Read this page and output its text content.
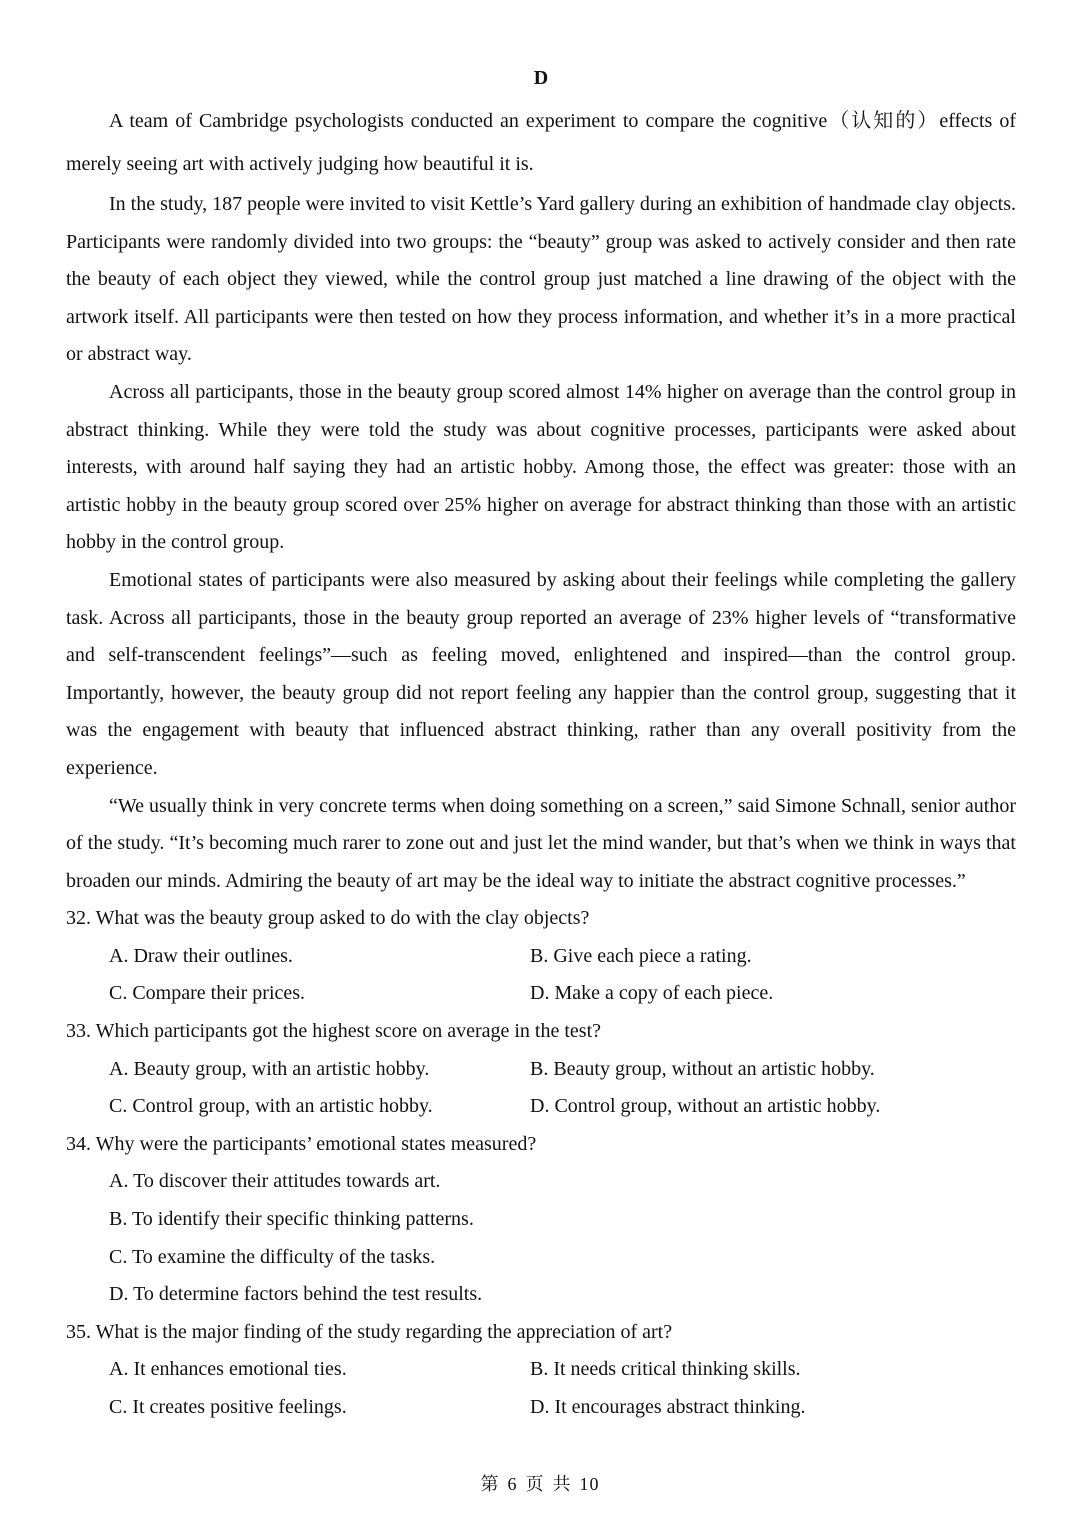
D

A team of Cambridge psychologists conducted an experiment to compare the cognitive（认知的）effects of merely seeing art with actively judging how beautiful it is.

In the study, 187 people were invited to visit Kettle’s Yard gallery during an exhibition of handmade clay objects. Participants were randomly divided into two groups: the “beauty” group was asked to actively consider and then rate the beauty of each object they viewed, while the control group just matched a line drawing of the object with the artwork itself. All participants were then tested on how they process information, and whether it’s in a more practical or abstract way.

Across all participants, those in the beauty group scored almost 14% higher on average than the control group in abstract thinking. While they were told the study was about cognitive processes, participants were asked about interests, with around half saying they had an artistic hobby. Among those, the effect was greater: those with an artistic hobby in the beauty group scored over 25% higher on average for abstract thinking than those with an artistic hobby in the control group.

Emotional states of participants were also measured by asking about their feelings while completing the gallery task. Across all participants, those in the beauty group reported an average of 23% higher levels of “transformative and self-transcendent feelings”—such as feeling moved, enlightened and inspired—than the control group. Importantly, however, the beauty group did not report feeling any happier than the control group, suggesting that it was the engagement with beauty that influenced abstract thinking, rather than any overall positivity from the experience.

“We usually think in very concrete terms when doing something on a screen,” said Simone Schnall, senior author of the study. “It’s becoming much rarer to zone out and just let the mind wander, but that’s when we think in ways that broaden our minds. Admiring the beauty of art may be the ideal way to initiate the abstract cognitive processes.”

32. What was the beauty group asked to do with the clay objects?

A. Draw their outlines.	B. Give each piece a rating.
C. Compare their prices.	D. Make a copy of each piece.

33. Which participants got the highest score on average in the test?

A. Beauty group, with an artistic hobby.	B. Beauty group, without an artistic hobby.
C. Control group, with an artistic hobby.	D. Control group, without an artistic hobby.

34. Why were the participants’ emotional states measured?

A. To discover their attitudes towards art.
B. To identify their specific thinking patterns.
C. To examine the difficulty of the tasks.
D. To determine factors behind the test results.

35. What is the major finding of the study regarding the appreciation of art?

A. It enhances emotional ties.	B. It needs critical thinking skills.
C. It creates positive feelings.	D. It encourages abstract thinking.
第 6 页 共 10
